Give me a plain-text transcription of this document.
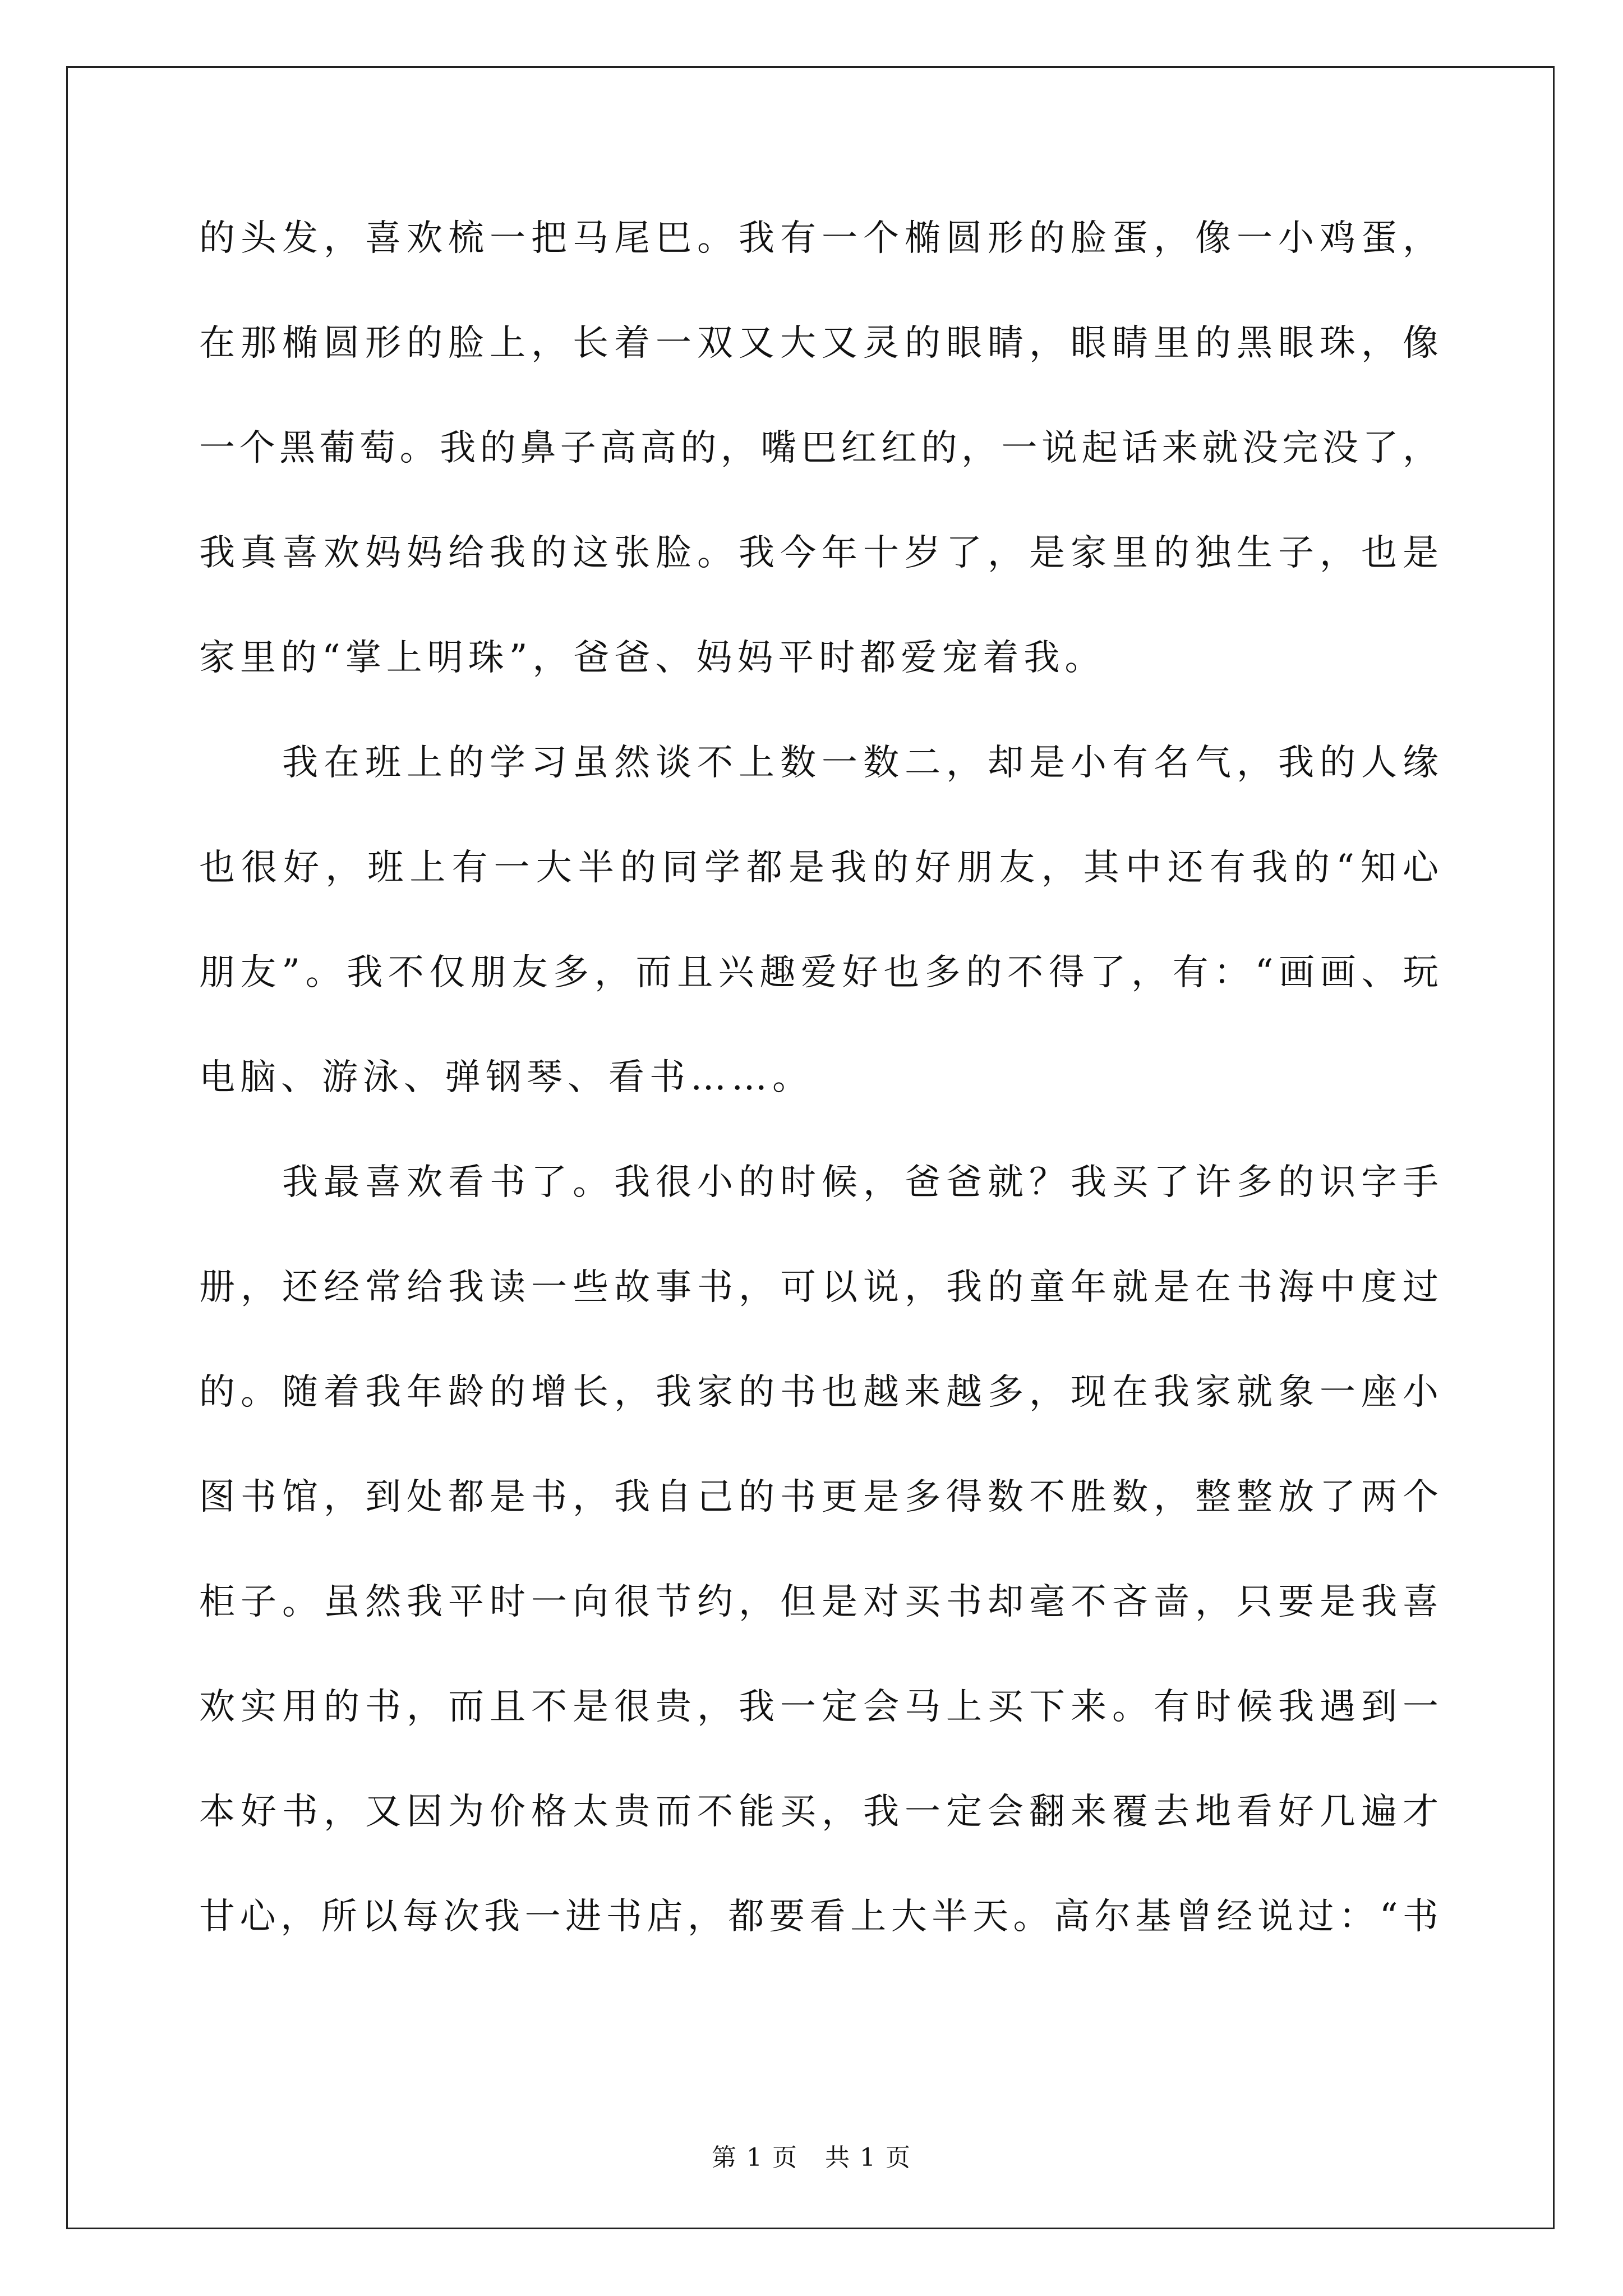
的头发，喜欢梳一把马尾巴。我有一个椭圆形的脸蛋，像一小鸡蛋，
在那椭圆形的脸上，长着一双又大又灵的眼睛，眼睛里的黑眼珠，像
一个黑葡萄。我的鼻子高高的，嘴巴红红的，一说起话来就没完没了，
我真喜欢妈妈给我的这张脸。我今年十岁了，是家里的独生子，也是
家里的“掌上明珠”，爸爸、妈妈平时都爱宠着我。
我在班上的学习虽然谈不上数一数二，却是小有名气，我的人缘
也很好，班上有一大半的同学都是我的好朋友，其中还有我的“知心
朋友”。我不仅朋友多，而且兴趣爱好也多的不得了，有：“画画、玩
电脑、游泳、弹钢琴、看书……。
我最喜欢看书了。我很小的时候，爸爸就？我买了许多的识字手
册，还经常给我读一些故事书，可以说，我的童年就是在书海中度过
的。随着我年龄的增长，我家的书也越来越多，现在我家就象一座小
图书馆，到处都是书，我自己的书更是多得数不胜数，整整放了两个
柜子。虽然我平时一向很节约，但是对买书却毫不吝啬，只要是我喜
欢实用的书，而且不是很贵，我一定会马上买下来。有时候我遇到一
本好书，又因为价格太贵而不能买，我一定会翻来覆去地看好几遍才
甘心，所以每次我一进书店，都要看上大半天。高尔基曾经说过：“书
第 1 页 共 1 页
